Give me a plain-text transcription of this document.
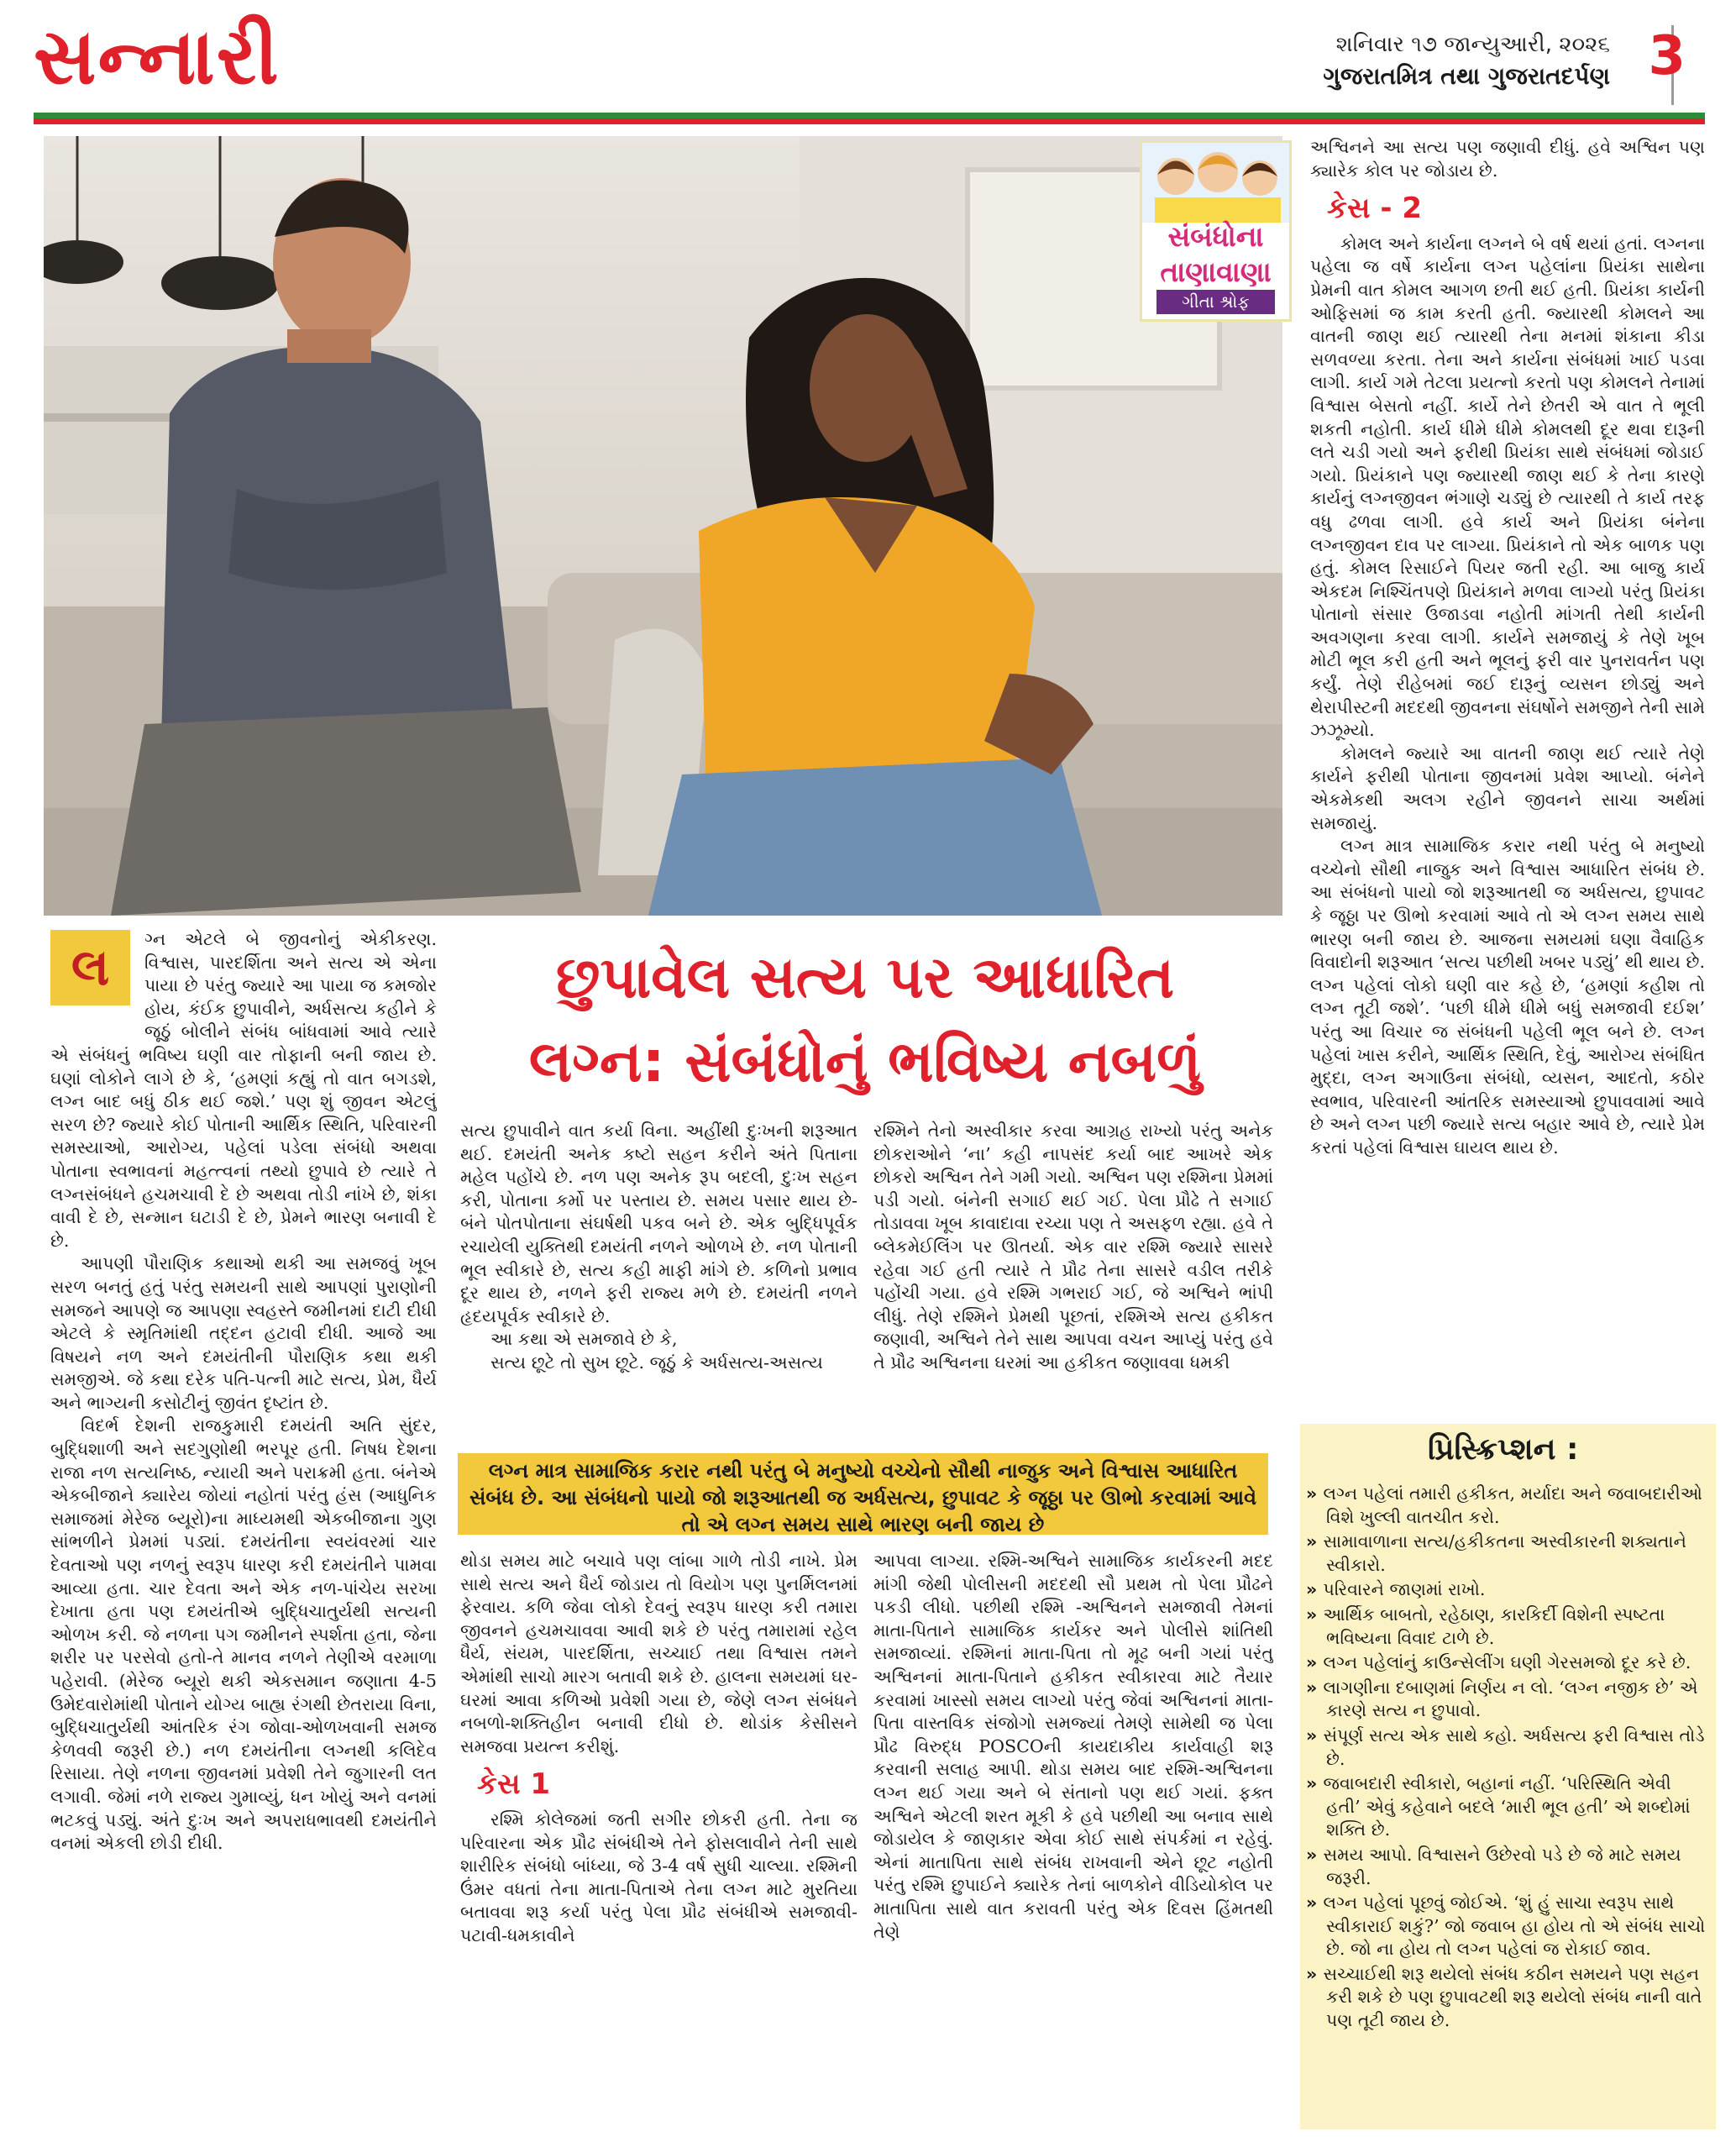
સન્નારી	શનિવાર ૧૭ જાન્યુઆરી, ૨૦૨૬
ગુજરાતમિત્ર તથા ગુજરાતદર્પણ 3
સંબંધોના
તાણાવાણા
ગીતા શ્રોફ
છુપાવેલ સત્ય પર આધારિત
લગ્ન: સંબંધોનું ભવિષ્ય નબળું
લ	ગ્ન એટલે બે જીવનોનું એકીકરણ. વિશ્વાસ, પારદર્શિતા અને સત્ય એ એના પાયા છે પરંતુ જ્યારે આ પાયા જ કમજોર હોય, કંઈક છુપાવીને, અર્ધસત્ય કહીને કે જૂઠું બોલીને સંબંધ બાંધવામાં આવે ત્યારે એ સંબંધનું ભવિષ્ય ઘણી વાર તોફાની બની જાય છે. ઘણાં લોકોને લાગે છે કે, ‘હમણાં કહ્યું તો વાત બગડશે, લગ્ન બાદ બધું ઠીક થઈ જશે.’ પણ શું જીવન એટલું સરળ છે? જ્યારે કોઈ પોતાની આર્થિક સ્થિતિ, પરિવારની સમસ્યાઓ, આરોગ્ય, પહેલાં પડેલા સંબંધો અથવા પોતાના સ્વભાવનાં મહત્ત્વનાં તથ્યો છુપાવે છે ત્યારે તે લગ્નસંબંધને હચમચાવી દે છે અથવા તોડી નાંખે છે, શંકા વાવી દે છે, સન્માન ઘટાડી દે છે, પ્રેમને ભારણ બનાવી દે છે.

આપણી પૌરાણિક કથાઓ થકી આ સમજવું ખૂબ સરળ બનતું હતું પરંતુ સમયની સાથે આપણાં પુરાણોની સમજને આપણે જ આપણા સ્વહસ્તે જમીનમાં દાટી દીધી એટલે કે સ્મૃતિમાંથી તદ્દન હટાવી દીધી. આજે આ વિષયને નળ અને દમયંતીની પૌરાણિક કથા થકી સમજીએ. જે કથા દરેક પતિ-પત્ની માટે સત્ય, પ્રેમ, ધૈર્ય અને ભાગ્યની કસોટીનું જીવંત દૃષ્ટાંત છે.

વિદર્ભ દેશની રાજકુમારી દમયંતી અતિ સુંદર, બુદ્ધિશાળી અને સદગુણોથી ભરપૂર હતી. નિષધ દેશના રાજા નળ સત્યનિષ્ઠ, ન્યાયી અને પરાક્રમી હતા. બંનેએ એકબીજાને ક્યારેય જોયાં નહોતાં પરંતુ હંસ (આધુનિક સમાજમાં મેરેજ બ્યૂરો)ના માધ્યમથી એકબીજાના ગુણ સાંભળીને પ્રેમમાં પડ્યાં. દમયંતીના સ્વયંવરમાં ચાર દેવતાઓ પણ નળનું સ્વરૂપ ધારણ કરી દમયંતીને પામવા આવ્યા હતા. ચાર દેવતા અને એક નળ-પાંચેય સરખા દેખાતા હતા પણ દમયંતીએ બુદ્ધિચાતુર્યથી સત્યની ઓળખ કરી. જે નળના પગ જમીનને સ્પર્શતા હતા, જેના શરીર પર પરસેવો હતો-તે માનવ નળને તેણીએ વરમાળા પહેરાવી. (મેરેજ બ્યૂરો થકી એકસમાન જણાતા 4-5 ઉમેદવારોમાંથી પોતાને યોગ્ય બાહ્ય રંગથી છેતરાયા વિના, બુદ્ધિચાતુર્યથી આંતરિક રંગ જોવા-ઓળખવાની સમજ કેળવવી જરૂરી છે.) નળ દમયંતીના લગ્નથી કલિદેવ રિસાયા. તેણે નળના જીવનમાં પ્રવેશી તેને જુગારની લત લગાવી. જેમાં નળે રાજ્ય ગુમાવ્યું, ધન ખોયું અને વનમાં ભટકવું પડ્યું. અંતે દુઃખ અને અપરાધભાવથી દમયંતીને વનમાં એકલી છોડી દીધી.

સત્ય છુપાવીને વાત કર્યા વિના. અહીંથી દુઃખની શરૂઆત થઈ. દમયંતી અનેક કષ્ટો સહન કરીને અંતે પિતાના મહેલ પહોંચે છે. નળ પણ અનેક રૂપ બદલી, દુઃખ સહન કરી, પોતાના કર્મો પર પસ્તાય છે. સમય પસાર થાય છે-બંને પોતપોતાના સંઘર્ષથી પકવ બને છે. એક બુદ્ધિપૂર્વક રચાયેલી યુક્તિથી દમયંતી નળને ઓળખે છે. નળ પોતાની ભૂલ સ્વીકારે છે, સત્ય કહી માફી માંગે છે. કળિનો પ્રભાવ દૂર થાય છે, નળને ફરી રાજ્ય મળે છે. દમયંતી નળને હૃદયપૂર્વક સ્વીકારે છે.

આ કથા એ સમજાવે છે કે,

સત્ય છૂટે તો સુખ છૂટે. જૂઠું કે અર્ધસત્ય-અસત્ય

રશ્મિને તેનો અસ્વીકાર કરવા આગ્રહ રાખ્યો પરંતુ અનેક છોકરાઓને ‘ના’ કહી નાપસંદ કર્યા બાદ આખરે એક છોકરો અશ્વિન તેને ગમી ગયો. અશ્વિન પણ રશ્મિના પ્રેમમાં પડી ગયો. બંનેની સગાઈ થઈ ગઈ. પેલા પ્રૌઢે તે સગાઈ તોડાવવા ખૂબ કાવાદાવા રચ્યા પણ તે અસફળ રહ્યા. હવે તે બ્લેકમેઈલિંગ પર ઊતર્યા. એક વાર રશ્મિ જ્યારે સાસરે રહેવા ગઈ હતી ત્યારે તે પ્રૌઢ તેના સાસરે વડીલ તરીકે પહોંચી ગયા. હવે રશ્મિ ગભરાઈ ગઈ, જે અશ્વિને ભાંપી લીધું. તેણે રશ્મિને પ્રેમથી પૂછતાં, રશ્મિએ સત્ય હકીકત જણાવી, અશ્વિને તેને સાથ આપવા વચન આપ્યું પરંતુ હવે તે પ્રૌઢ અશ્વિનના ઘરમાં આ હકીકત જણાવવા ધમકી

લગ્ન માત્ર સામાજિક કરાર નથી પરંતુ બે મનુષ્યો વચ્ચેનો સૌથી નાજુક અને વિશ્વાસ આધારિત સંબંધ છે. આ સંબંધનો પાયો જો શરૂઆતથી જ અર્ધસત્ય, છુપાવટ કે જૂઠ્ઠા પર ઊભો કરવામાં આવે તો એ લગ્ન સમય સાથે ભારણ બની જાય છે

થોડા સમય માટે બચાવે પણ લાંબા ગાળે તોડી નાખે. પ્રેમ સાથે સત્ય અને ધૈર્ય જોડાય તો વિયોગ પણ પુનર્મિલનમાં ફેરવાય. કળિ જેવા લોકો દેવનું સ્વરૂપ ધારણ કરી તમારા જીવનને હચમચાવવા આવી શકે છે પરંતુ તમારામાં રહેલ ધૈર્ય, સંયમ, પારદર્શિતા, સચ્ચાઈ તથા વિશ્વાસ તમને એમાંથી સાચો મારગ બતાવી શકે છે. હાલના સમયમાં ઘર-ઘરમાં આવા કળિઓ પ્રવેશી ગયા છે, જેણે લગ્ન સંબંધને નબળો-શક્તિહીન બનાવી દીધો છે. થોડાંક કેસીસને સમજવા પ્રયત્ન કરીશું.

કેસ 1

રશ્મિ કોલેજમાં જતી સગીર છોકરી હતી. તેના જ પરિવારના એક પ્રૌઢ સંબંધીએ તેને ફોસલાવીને તેની સાથે શારીરિક સંબંધો બાંધ્યા, જે 3-4 વર્ષ સુધી ચાલ્યા. રશ્મિની ઉંમર વધતાં તેના માતા-પિતાએ તેના લગ્ન માટે મુરતિયા બતાવવા શરૂ કર્યા પરંતુ પેલા પ્રૌઢ સંબંધીએ સમજાવી-પટાવી-ધમકાવીને

આપવા લાગ્યા. રશ્મિ-અશ્વિને સામાજિક કાર્યકરની મદદ માંગી જેથી પોલીસની મદદથી સૌ પ્રથમ તો પેલા પ્રૌઢને પકડી લીધો. પછીથી રશ્મિ -અશ્વિનને સમજાવી તેમનાં માતા-પિતાને સામાજિક કાર્યકર અને પોલીસે શાંતિથી સમજાવ્યાં. રશ્મિનાં માતા-પિતા તો મૂઢ બની ગયાં પરંતુ અશ્વિનનાં માતા-પિતાને હકીકત સ્વીકારવા માટે તૈયાર કરવામાં ખાસ્સો સમય લાગ્યો પરંતુ જેવાં અશ્વિનનાં માતા-પિતા વાસ્તવિક સંજોગો સમજ્યાં તેમણે સામેથી જ પેલા પ્રૌઢ વિરુદ્ધ POSCOની કાયદાકીય કાર્યવાહી શરૂ કરવાની સલાહ આપી. થોડા સમય બાદ રશ્મિ-અશ્વિનના લગ્ન થઈ ગયા અને બે સંતાનો પણ થઈ ગયાં. ફક્ત અશ્વિને એટલી શરત મૂકી કે હવે પછીથી આ બનાવ સાથે જોડાયેલ કે જાણકાર એવા કોઈ સાથે સંપર્કમાં ન રહેવું. એનાં માતાપિતા સાથે સંબંધ રાખવાની એને છૂટ નહોતી પરંતુ રશ્મિ છુપાઈને ક્યારેક તેનાં બાળકોને વીડિયોકોલ પર માતાપિતા સાથે વાત કરાવતી પરંતુ એક દિવસ હિંમતથી તેણે

અશ્વિનને આ સત્ય પણ જણાવી દીધું. હવે અશ્વિન પણ ક્યારેક કોલ પર જોડાય છે.

કેસ - 2

કોમલ અને કાર્યના લગ્નને બે વર્ષ થયાં હતાં. લગ્નના પહેલા જ વર્ષે કાર્યના લગ્ન પહેલાંના પ્રિયંકા સાથેના પ્રેમની વાત કોમલ આગળ છતી થઈ હતી. પ્રિયંકા કાર્યની ઓફિસમાં જ કામ કરતી હતી. જ્યારથી કોમલને આ વાતની જાણ થઈ ત્યારથી તેના મનમાં શંકાના કીડા સળવળ્યા કરતા. તેના અને કાર્યના સંબંધમાં ખાઈ પડવા લાગી. કાર્ય ગમે તેટલા પ્રયત્નો કરતો પણ કોમલને તેનામાં વિશ્વાસ બેસતો નહીં. કાર્યે તેને છેતરી એ વાત તે ભૂલી શકતી નહોતી. કાર્ય ધીમે ધીમે કોમલથી દૂર થવા દારૂની લતે ચડી ગયો અને ફરીથી પ્રિયંકા સાથે સંબંધમાં જોડાઈ ગયો. પ્રિયંકાને પણ જ્યારથી જાણ થઈ કે તેના કારણે કાર્યનું લગ્નજીવન ભંગાણે ચડ્યું છે ત્યારથી તે કાર્ય તરફ વધુ ઢળવા લાગી. હવે કાર્ય અને પ્રિયંકા બંનેના લગ્નજીવન દાવ પર લાગ્યા. પ્રિયંકાને તો એક બાળક પણ હતું. કોમલ રિસાઈને પિયર જતી રહી. આ બાજુ કાર્ય એકદમ નિશ્ચિંતપણે પ્રિયંકાને મળવા લાગ્યો પરંતુ પ્રિયંકા પોતાનો સંસાર ઉજાડવા નહોતી માંગતી તેથી કાર્યની અવગણના કરવા લાગી. કાર્યને સમજાયું કે તેણે ખૂબ મોટી ભૂલ કરી હતી અને ભૂલનું ફરી વાર પુનરાવર્તન પણ કર્યું. તેણે રીહેબમાં જઈ દારૂનું વ્યસન છોડ્યું અને થેરાપીસ્ટની મદદથી જીવનના સંઘર્ષોને સમજીને તેની સામે ઝઝૂમ્યો.

કોમલને જ્યારે આ વાતની જાણ થઈ ત્યારે તેણે કાર્યને ફરીથી પોતાના જીવનમાં પ્રવેશ આપ્યો. બંનેને એકમેકથી અલગ રહીને જીવનને સાચા અર્થમાં સમજાયું.

લગ્ન માત્ર સામાજિક કરાર નથી પરંતુ બે મનુષ્યો વચ્ચેનો સૌથી નાજુક અને વિશ્વાસ આધારિત સંબંધ છે. આ સંબંધનો પાયો જો શરૂઆતથી જ અર્ધસત્ય, છુપાવટ કે જૂઠ્ઠા પર ઊભો કરવામાં આવે તો એ લગ્ન સમય સાથે ભારણ બની જાય છે. આજના સમયમાં ઘણા વૈવાહિક વિવાદોની શરૂઆત ‘સત્ય પછીથી ખબર પડ્યું’ થી થાય છે. લગ્ન પહેલાં લોકો ઘણી વાર કહે છે, ‘હમણાં કહીશ તો લગ્ન તૂટી જશે’. ‘પછી ધીમે ધીમે બધું સમજાવી દઈશ’ પરંતુ આ વિચાર જ સંબંધની પહેલી ભૂલ બને છે. લગ્ન પહેલાં ખાસ કરીને, આર્થિક સ્થિતિ, દેવું, આરોગ્ય સંબંધિત મુદ્દા, લગ્ન અગાઉના સંબંધો, વ્યસન, આદતો, કઠોર સ્વભાવ, પરિવારની આંતરિક સમસ્યાઓ છુપાવવામાં આવે છે અને લગ્ન પછી જ્યારે સત્ય બહાર આવે છે, ત્યારે પ્રેમ કરતાં પહેલાં વિશ્વાસ ઘાયલ થાય છે.

પ્રિસ્ક્રિપ્શન :
» લગ્ન પહેલાં તમારી હકીકત, મર્યાદા અને જવાબદારીઓ વિશે ખુલ્લી વાતચીત કરો.
» સામાવાળાના સત્ય/હકીકતના અસ્વીકારની શક્યતાને સ્વીકારો.
» પરિવારને જાણમાં રાખો.
» આર્થિક બાબતો, રહેઠાણ, કારકિર્દી વિશેની સ્પષ્ટતા ભવિષ્યના વિવાદ ટાળે છે.
» લગ્ન પહેલાંનું કાઉન્સેલીંગ ઘણી ગેરસમજો દૂર કરે છે.
» લાગણીના દબાણમાં નિર્ણય ન લો. ‘લગ્ન નજીક છે’ એ કારણે સત્ય ન છુપાવો.
» સંપૂર્ણ સત્ય એક સાથે કહો. અર્ધસત્ય ફરી વિશ્વાસ તોડે છે.
» જવાબદારી સ્વીકારો, બહાનાં નહીં. ‘પરિસ્થિતિ એવી હતી’ એવું કહેવાને બદલે ‘મારી ભૂલ હતી’ એ શબ્દોમાં શક્તિ છે.
» સમય આપો. વિશ્વાસને ઉછેરવો પડે છે જે માટે સમય જરૂરી.
» લગ્ન પહેલાં પૂછવું જોઈએ. ‘શું હું સાચા સ્વરૂપ સાથે સ્વીકારાઈ શકું?’ જો જવાબ હા હોય તો એ સંબંધ સાચો છે. જો ના હોય તો લગ્ન પહેલાં જ રોકાઈ જાવ.
» સચ્ચાઈથી શરૂ થયેલો સંબંધ કઠીન સમયને પણ સહન કરી શકે છે પણ છુપાવટથી શરૂ થયેલો સંબંધ નાની વાતે પણ તૂટી જાય છે.
